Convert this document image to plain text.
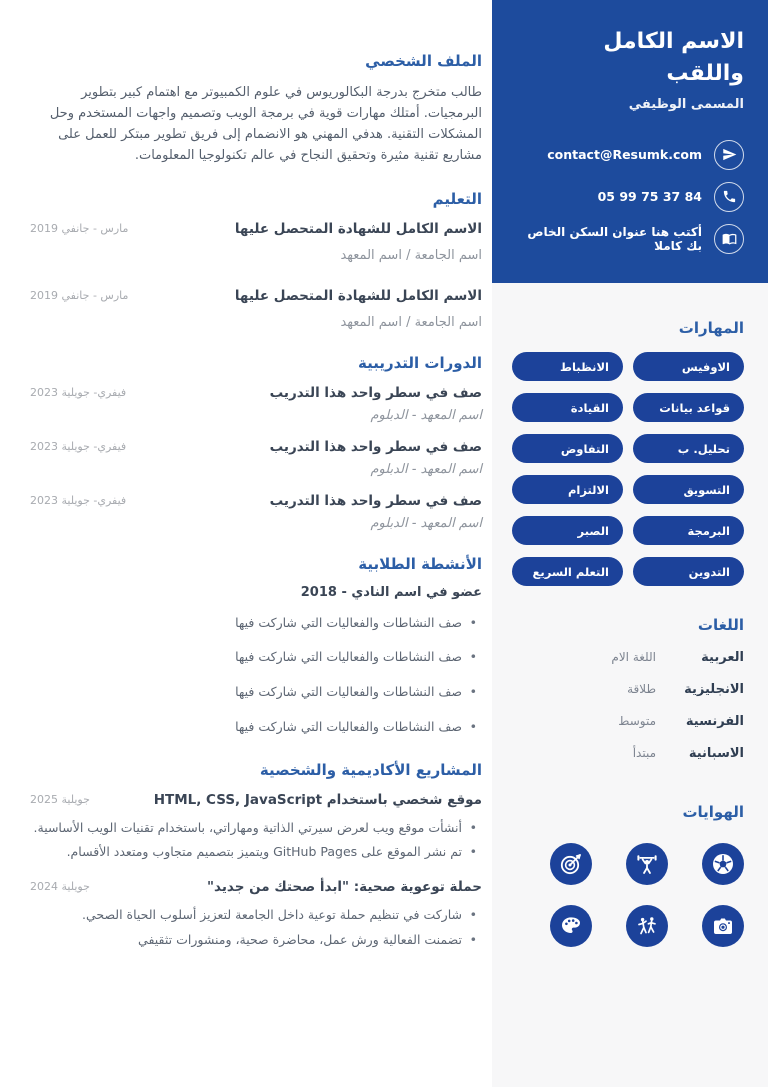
الملف الشخصي
طالب متخرج بدرجة البكالوريوس في علوم الكمبيوتر مع اهتمام كبير بتطوير البرمجيات. أمتلك مهارات قوية في برمجة الويب وتصميم واجهات المستخدم وحل المشكلات التقنية. هدفي المهني هو الانضمام إلى فريق تطوير مبتكر للعمل على مشاريع تقنية مثيرة وتحقيق النجاح في عالم تكنولوجيا المعلومات.
التعليم
الاسم الكامل للشهادة المتحصل عليها
مارس - جانفي 2019
اسم الجامعة / اسم المعهد
الاسم الكامل للشهادة المتحصل عليها
مارس - جانفي 2019
اسم الجامعة / اسم المعهد
الدورات التدريبية
صف في سطر واحد هذا التدريب
فيفري- جويلية 2023
اسم المعهد - الدبلوم
صف في سطر واحد هذا التدريب
فيفري- جويلية 2023
اسم المعهد - الدبلوم
صف في سطر واحد هذا التدريب
فيفري- جويلية 2023
اسم المعهد - الدبلوم
الأنشطة الطلابية
عضو في اسم النادي - 2018
• صف النشاطات والفعاليات التي شاركت فيها
• صف النشاطات والفعاليات التي شاركت فيها
• صف النشاطات والفعاليات التي شاركت فيها
• صف النشاطات والفعاليات التي شاركت فيها
المشاريع الأكاديمية والشخصية
موقع شخصي باستخدام HTML, CSS, JavaScript
جويلية 2025
• أنشأت موقع ويب لعرض سيرتي الذاتية ومهاراتي، باستخدام تقنيات الويب الأساسية.
• تم نشر الموقع على GitHub Pages ويتميز بتصميم متجاوب ومتعدد الأقسام.
حملة توعوية صحية: "ابدأ صحتك من جديد"
جويلية 2024
• شاركت في تنظيم حملة توعية داخل الجامعة لتعزيز أسلوب الحياة الصحي.
• تضمنت الفعالية ورش عمل، محاضرة صحية، ومنشورات تثقيفي
الاسم الكامل واللقب
المسمى الوظيفي
contact@Resumk.com
05 99 75 37 84
أكتب هنا عنوان السكن الخاص بك كاملا
المهارات
الاوفيس
الانظباط
قواعد بيانات
القيادة
تحليل. ب
التفاوض
التسويق
الالتزام
البرمجة
الصبر
التدوين
التعلم السريع
اللغات
العربية
اللغة الام
الانجليزية
طلاقة
الفرنسية
متوسط
الاسبانية
مبتدأ
الهوايات
